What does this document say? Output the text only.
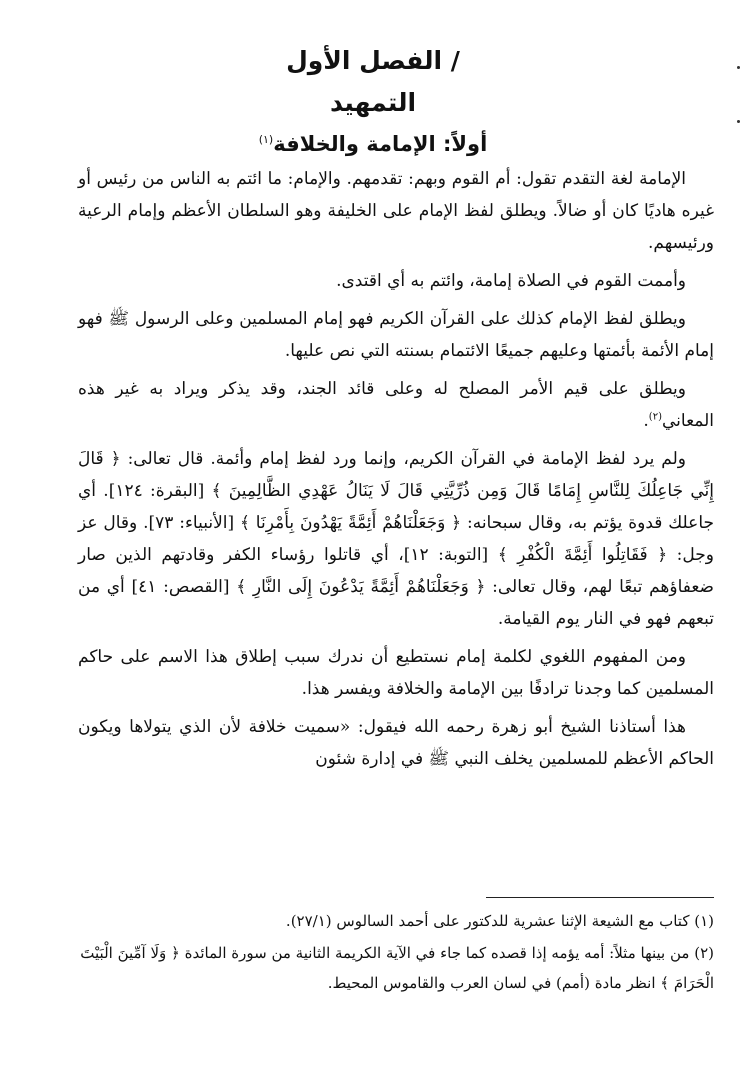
الفصل الأول /
التمهيد
أولاً: الإمامة والخلافة$^{(١)}$

الإمامة لغة التقدم تقول: أم القوم وبهم: تقدمهم. والإمام: ما ائتم به الناس من رئيس أو غيره هاديًا كان أو ضالاً. ويطلق لفظ الإمام على الخليفة وهو السلطان الأعظم وإمام الرعية ورئيسهم.

وأممت القوم في الصلاة إمامة، وائتم به أي اقتدى.

ويطلق لفظ الإمام كذلك على القرآن الكريم فهو إمام المسلمين وعلى الرسول ﷺ فهو إمام الأئمة بأئمتها وعليهم جميعًا الائتمام بسنته التي نص عليها.

ويطلق على قيم الأمر المصلح له وعلى قائد الجند، وقد يذكر ويراد به غير هذه المعاني$^{(٢)}$.

ولم يرد لفظ الإمامة في القرآن الكريم، وإنما ورد لفظ إمام وأئمة. قال تعالى: ﴿ قَالَ إِنِّي جَاعِلُكَ لِلنَّاسِ إِمَامًا قَالَ وَمِن ذُرِّيَّتِي قَالَ لَا يَنَالُ عَهْدِي الظَّالِمِينَ ﴾ [البقرة: ١٢٤]. أي جاعلك قدوة يؤتم به، وقال سبحانه: ﴿ وَجَعَلْنَاهُمْ أَئِمَّةً يَهْدُونَ بِأَمْرِنَا ﴾ [الأنبياء: ٧٣]. وقال عز وجل: ﴿ فَقَاتِلُوا أَئِمَّةَ الْكُفْرِ ﴾ [التوبة: ١٢]، أي قاتلوا رؤساء الكفر وقادتهم الذين صار ضعفاؤهم تبعًا لهم، وقال تعالى: ﴿ وَجَعَلْنَاهُمْ أَئِمَّةً يَدْعُونَ إِلَى النَّارِ ﴾ [القصص: ٤١] أي من تبعهم فهو في النار يوم القيامة.

ومن المفهوم اللغوي لكلمة إمام نستطيع أن ندرك سبب إطلاق هذا الاسم على حاكم المسلمين كما وجدنا ترادفًا بين الإمامة والخلافة ويفسر هذا.

هذا أستاذنا الشيخ أبو زهرة رحمه الله فيقول: «سميت خلافة لأن الذي يتولاها ويكون الحاكم الأعظم للمسلمين يخلف النبي ﷺ في إدارة شئون

(١) كتاب مع الشيعة الإثنا عشرية للدكتور على أحمد السالوس (٢٧/١).

(٢) من بينها مثلاً: أمه يؤمه إذا قصده كما جاء في الآية الكريمة الثانية من سورة المائدة ﴿ وَلَا آمِّينَ الْبَيْتَ الْحَرَامَ ﴾ انظر مادة (أمم) في لسان العرب والقاموس المحيط.
